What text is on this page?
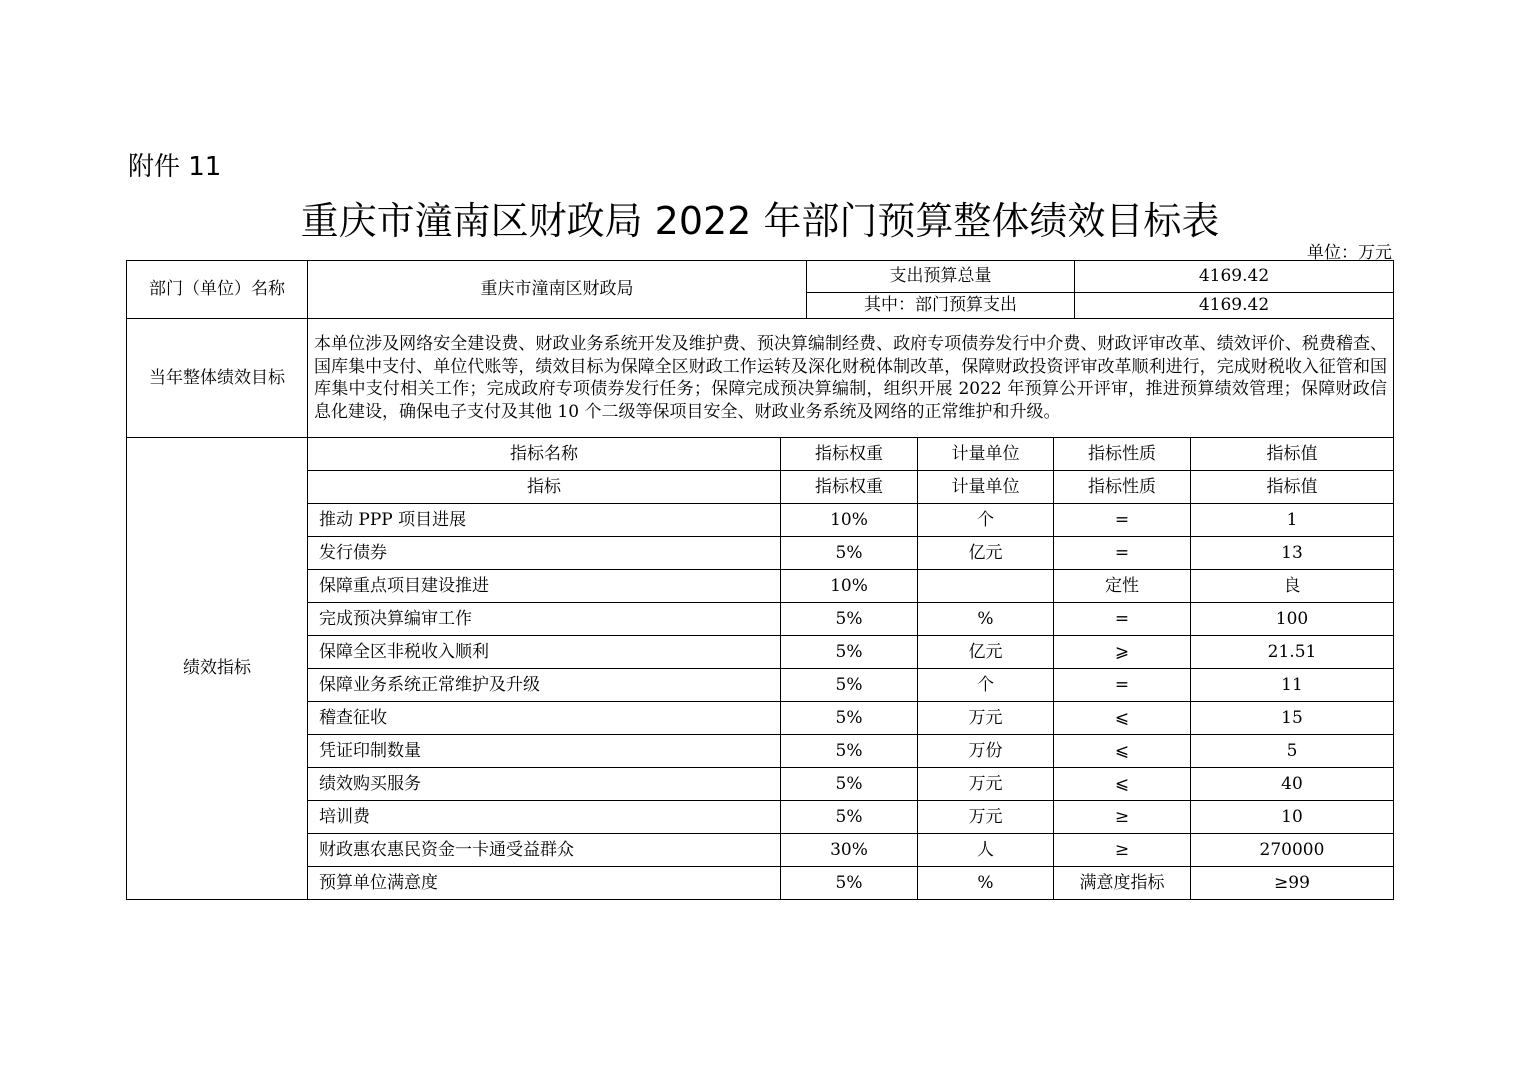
附件 11
重庆市潼南区财政局 2022 年部门预算整体绩效目标表
单位：万元
部门（单位）名称	重庆市潼南区财政局	支出预算总量	4169.42
		其中：部门预算支出	4169.42
当年整体绩效目标	本单位涉及网络安全建设费、财政业务系统开发及维护费、预决算编制经费、政府专项债券发行中介费、财政评审改革、绩效评价、税费稽查、国库集中支付、单位代账等，绩效目标为保障全区财政工作运转及深化财税体制改革，保障财政投资评审改革顺利进行，完成财税收入征管和国库集中支付相关工作；完成政府专项债券发行任务；保障完成预决算编制，组织开展 2022 年预算公开评审，推进预算绩效管理；保障财政信息化建设，确保电子支付及其他 10 个二级等保项目安全、财政业务系统及网络的正常维护和升级。
绩效指标	指标名称	指标权重	计量单位	指标性质	指标值
	指标	指标权重	计量单位	指标性质	指标值
	推动 PPP 项目进展	10%	个	=	1
	发行债券	5%	亿元	=	13
	保障重点项目建设推进	10%		定性	良
	完成预决算编审工作	5%	%	=	100
	保障全区非税收入顺利	5%	亿元	⩾	21.51
	保障业务系统正常维护及升级	5%	个	=	11
	稽查征收	5%	万元	⩽	15
	凭证印制数量	5%	万份	⩽	5
	绩效购买服务	5%	万元	⩽	40
	培训费	5%	万元	≥	10
	财政惠农惠民资金一卡通受益群众	30%	人	≥	270000
	预算单位满意度	5%	%	满意度指标	≥99
